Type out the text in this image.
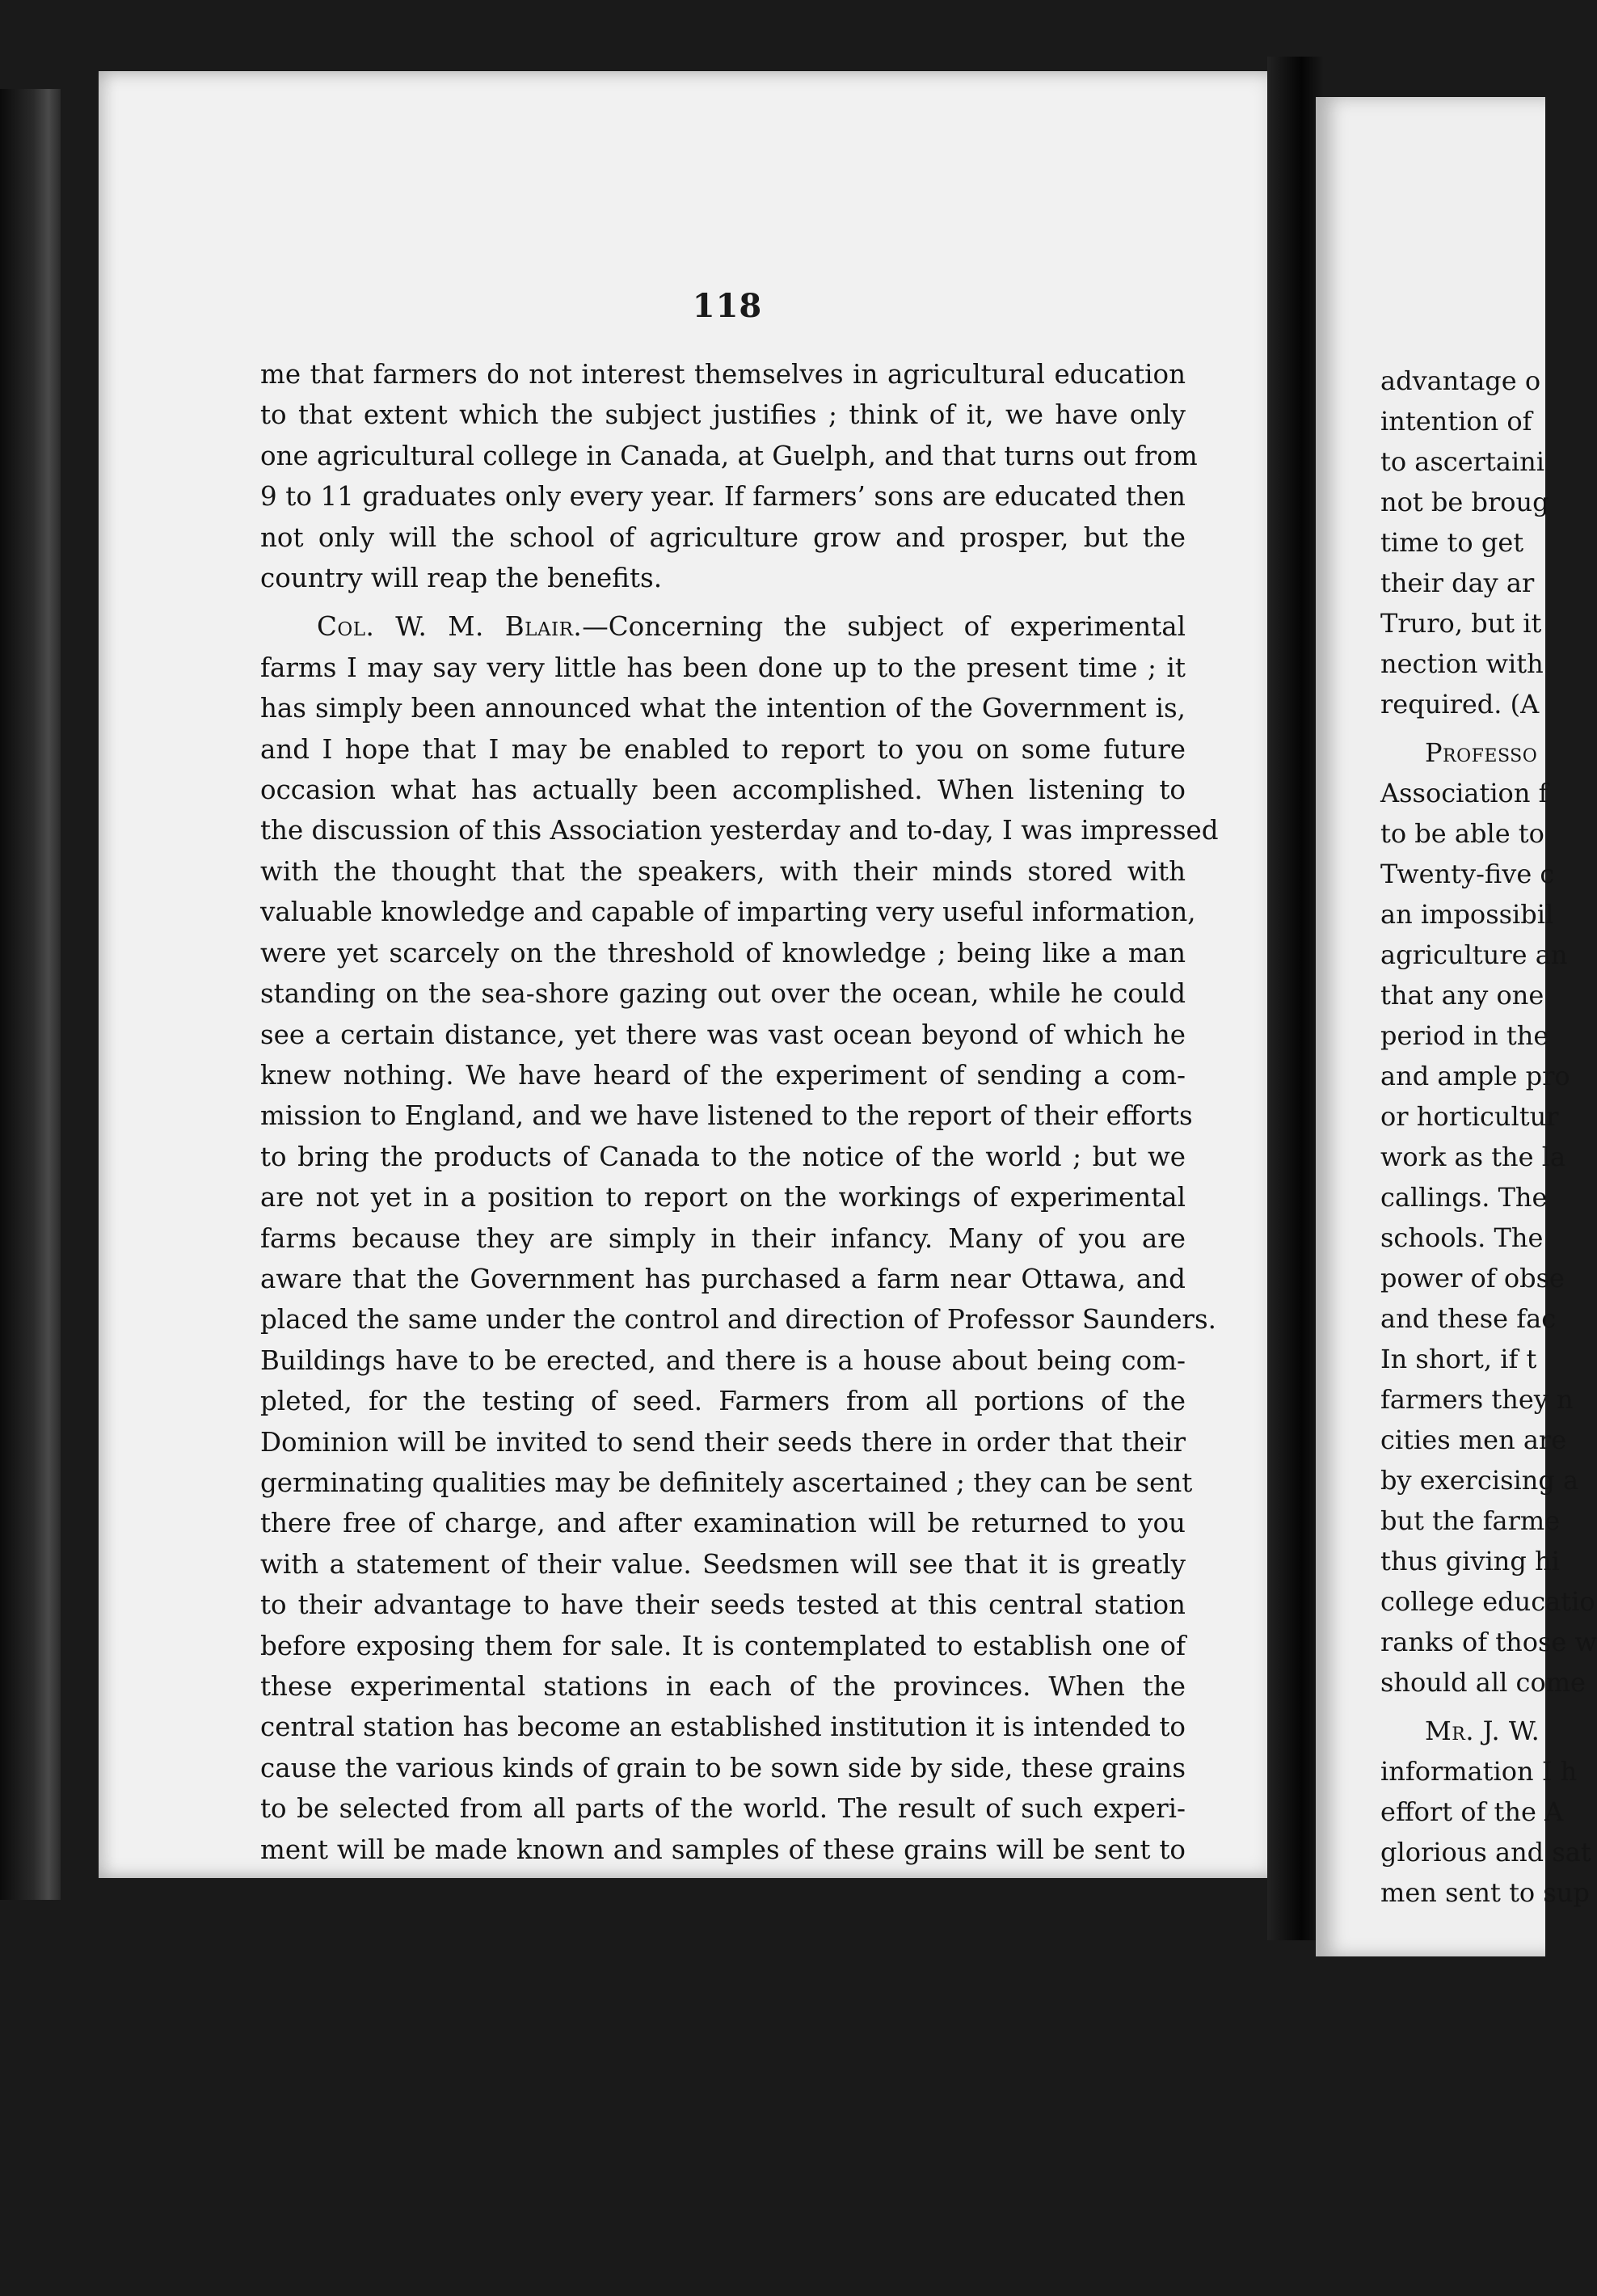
118
me that farmers do not interest themselves in agricultural education
to that extent which the subject justifies ; think of it, we have only
one agricultural college in Canada, at Guelph, and that turns out from
9 to 11 graduates only every year. If farmers’ sons are educated then
not only will the school of agriculture grow and prosper, but the
country will reap the benefits.
Col. W. M. Blair.—Concerning the subject of experimental
farms I may say very little has been done up to the present time ; it
has simply been announced what the intention of the Government is,
and I hope that I may be enabled to report to you on some future
occasion what has actually been accomplished. When listening to
the discussion of this Association yesterday and to-day, I was impressed
with the thought that the speakers, with their minds stored with
valuable knowledge and capable of imparting very useful information,
were yet scarcely on the threshold of knowledge ; being like a man
standing on the sea-shore gazing out over the ocean, while he could
see a certain distance, yet there was vast ocean beyond of which he
knew nothing. We have heard of the experiment of sending a com-
mission to England, and we have listened to the report of their efforts
to bring the products of Canada to the notice of the world ; but we
are not yet in a position to report on the workings of experimental
farms because they are simply in their infancy. Many of you are
aware that the Government has purchased a farm near Ottawa, and
placed the same under the control and direction of Professor Saunders.
Buildings have to be erected, and there is a house about being com-
pleted, for the testing of seed. Farmers from all portions of the
Dominion will be invited to send their seeds there in order that their
germinating qualities may be definitely ascertained ; they can be sent
there free of charge, and after examination will be returned to you
with a statement of their value. Seedsmen will see that it is greatly
to their advantage to have their seeds tested at this central station
before exposing them for sale. It is contemplated to establish one of
these experimental stations in each of the provinces. When the
central station has become an established institution it is intended to
cause the various kinds of grain to be sown side by side, these grains
to be selected from all parts of the world. The result of such experi-
ment will be made known and samples of these grains will be sent to
advantage o
intention of
to ascertaini
not be broug
time to get
their day ar
Truro, but it
nection with
required. (A
Professo
Association f
to be able to
Twenty-five c
an impossibil
agriculture an
that any one
period in the
and ample pro
or horticultur
work as the la
callings. The
schools. The
power of obse
and these fac
In short, if t
farmers they n
cities men are
by exercising a
but the farme
thus giving hi
college educatio
ranks of those w
should all come
Mr. J. W.
information I h
effort of the A
glorious and sat
men sent to sup
